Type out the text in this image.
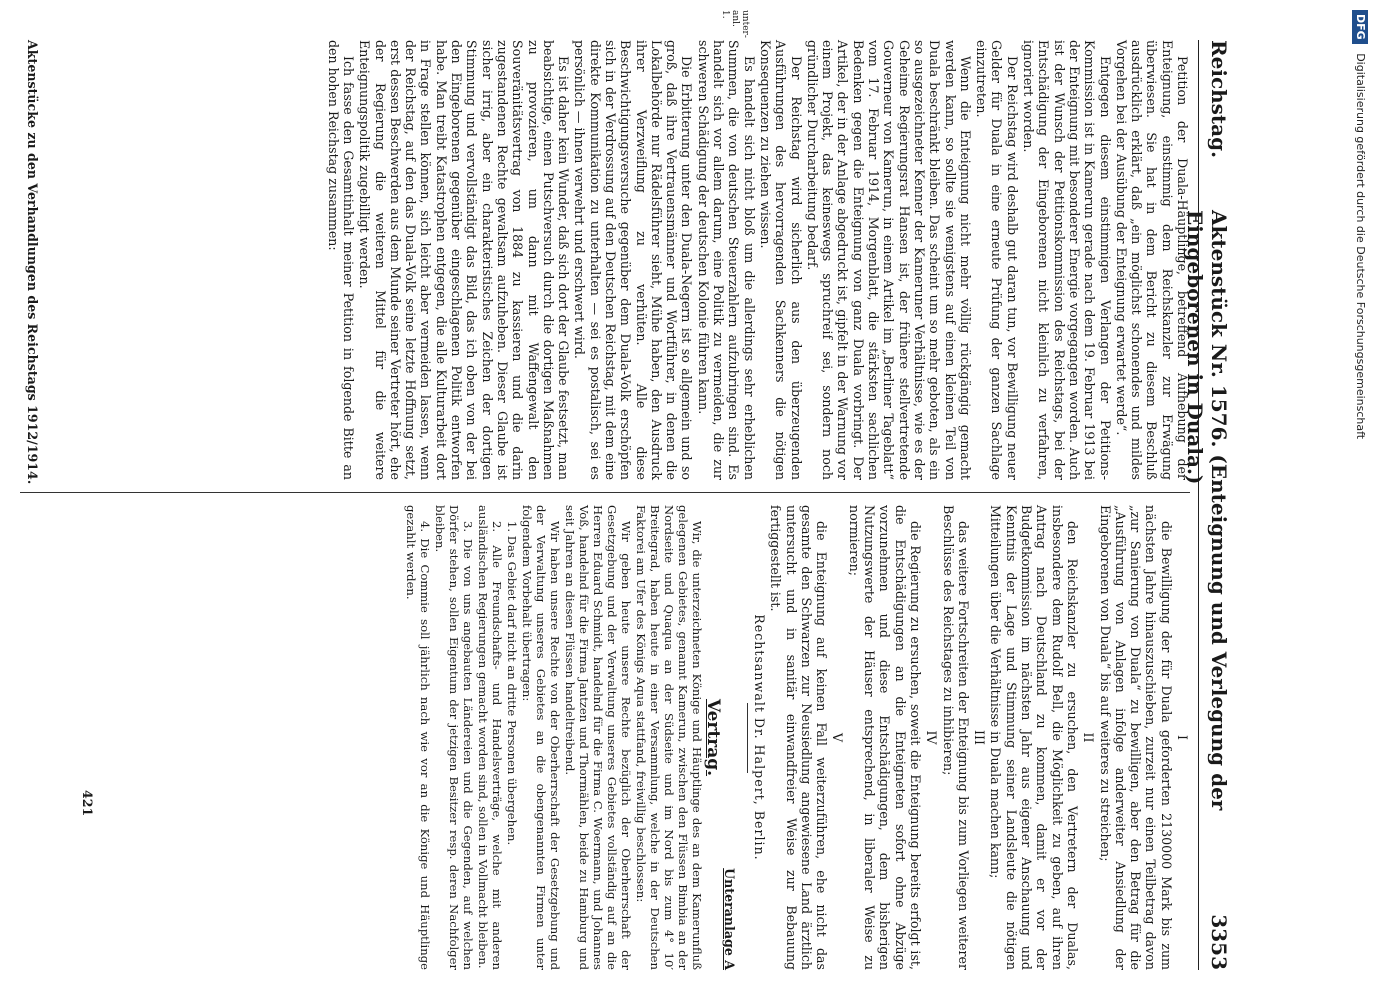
Reichstag.
Aktenstück Nr. 1576. (Enteignung und Verlegung der Eingeborenen in Duala.)
3353

Petition der Duala-Häuptlinge, betreffend Aufhebung der Enteignung, einstimmig dem Reichskanzler zur Erwägung überwiesen. Sie hat in dem Bericht zu diesem Beschluß ausdrücklich erklärt, daß „ein möglichst schonendes und mildes Vorgehen bei der Ausübung der Enteignung erwartet werde“.

Entgegen diesem einstimmigen Verlangen der Petitions-Kommission ist in Kamerun gerade nach dem 19. Februar 1913 bei der Enteignung mit besonderer Energie vorgegangen worden. Auch ist der Wunsch der Petitionskommission des Reichstags, bei der Entschädigung der Eingeborenen nicht kleinlich zu verfahren, ignoriert worden.

Der Reichstag wird deshalb gut daran tun, vor Bewilligung neuer Gelder für Duala in eine erneute Prüfung der ganzen Sachlage einzutreten.

Wenn die Enteignung nicht mehr völlig rückgängig gemacht werden kann, so sollte sie wenigstens auf einen kleinen Teil von Duala beschränkt bleiben. Das scheint um so mehr geboten, als ein so ausgezeichneter Kenner der Kameruner Verhältnisse, wie es der Geheime Regierungsrat Hansen ist, der frühere stellvertretende Gouverneur von Kamerun, in einem Artikel im „Berliner Tageblatt“ vom 17. Februar 1914, Morgenblatt, die stärksten sachlichen Bedenken gegen die Enteignung von ganz Duala vorbringt. Der Artikel, der in der Anlage abgedruckt ist, gipfelt in der Warnung vor einem Projekt, das keineswegs spruchreif sei, sondern noch gründlicher Durcharbeitung bedarf.

Der Reichstag wird sicherlich aus den überzeugenden Ausführungen des hervorragenden Sachkenners die nötigen Konsequenzen zu ziehen wissen.

Es handelt sich nicht bloß um die allerdings sehr erheblichen Summen, die von deutschen Steuerzahlern aufzubringen sind. Es handelt sich vor allem darum, eine Politik zu vermeiden, die zur schweren Schädigung der deutschen Kolonie führen kann.

Die Erbitterung unter den Duala-Negern ist so allgemein und so groß, daß ihre Vertrauensmänner und Wortführer, in denen die Lokalbehörde nur Rädelsführer sieht, Mühe haben, den Ausdruck ihrer Verzweiflung zu verhüten. Alle diese Beschwichtigungsversuche gegenüber dem Duala-Volk erschöpfen sich in der Verdrossung auf den Deutschen Reichstag, mit dem eine direkte Kommunikation zu unterhalten — sei es postalisch, sei es persönlich — ihnen verwehrt und erschwert wird.

Es ist daher kein Wunder, daß sich dort der Glaube festsetzt, man beabsichtige, einen Putschversuch durch die dortigen Maßnahmen zu provozieren, um dann mit Waffengewalt den Souveränitätsvertrag von 1884 zu kassieren und die darin zugestandenen Rechte gewaltsam aufzuheben. Dieser Glaube ist sicher irrig, aber ein charakteristisches Zeichen der dortigen Stimmung und vervollständigt das Bild, das ich oben von der bei den Eingeborenen gegenüber eingeschlagenen Politik entworfen habe. Man treibt Katastrophen entgegen, die alle Kulturarbeit dort in Frage stellen können, sich leicht aber vermeiden lassen, wenn der Reichstag, auf den das Duala-Volk seine letzte Hoffnung setzt, erst dessen Beschwerden aus dem Munde seiner Vertreter hört, ehe der Regierung die weiteren Mittel für die weitere Enteignungspolitik zugebilligt werden.

Ich fasse den Gesamtinhalt meiner Petition in folgende Bitte an den hohen Reichstag zusammen:

unter-anl. 1.

I

die Bewilligung der für Duala geforderten 2130000 Mark bis zum nächsten Jahre hinauszuschieben, zurzeit nur einen Teilbetrag davon „zur Sanierung von Duala“ zu bewilligen, aber den Betrag für die „Ausführung von Anlagen infolge anderweiter Ansiedlung der Eingeborenen von Duala“ bis auf weiteres zu streichen;

II

den Reichskanzler zu ersuchen, den Vertretern der Dualas, insbesondere dem Rudolf Bell, die Möglichkeit zu geben, auf ihren Antrag nach Deutschland zu kommen, damit er vor der Budgetkommission im nächsten Jahr aus eigener Anschauung und Kenntnis der Lage und Stimmung seiner Landsleute die nötigen Mitteilungen über die Verhältnisse in Duala machen kann;

III

das weitere Fortschreiten der Enteignung bis zum Vorliegen weiterer Beschlüsse des Reichstages zu inhibieren;

IV

die Regierung zu ersuchen, soweit die Enteignung bereits erfolgt ist, die Entschädigungen an die Enteigneten sofort ohne Abzüge vorzunehmen und diese Entschädigungen, dem bisherigen Nutzungswerte der Häuser entsprechend, in liberaler Weise zu normieren;

V

die Enteignung auf keinen Fall weiterzuführen, ehe nicht das gesamte den Schwarzen zur Neusiedlung angewiesene Land ärztlich untersucht und in sanitär einwandfreier Weise zur Bebauung fertiggestellt ist.

Rechtsanwalt Dr. Halpert, Berlin.

Unteranlage A

Vertrag.

Wir, die unterzeichneten Könige und Häuptlinge des an dem Kamerunfluß gelegenen Gebietes, genannt Kamerun, zwischen den Flüssen Bimbia an der Nordseite und Quaqua an der Südseite und im Nord bis zum 4° 10′ Breitegrad, haben heute in einer Versammlung, welche in der Deutschen Faktorei am Ufer des Königs Aqua stattfand, freiwillig beschlossen:

Wir geben heute unsere Rechte bezüglich der Oberherrschaft der Gesetzgebung und der Verwaltung unseres Gebietes vollständig auf an die Herren Eduard Schmidt, handelnd für die Firma C. Woermann, und Johannes Voß, handelnd für die Firma Jantzen und Thormählen, beide zu Hamburg und seit Jahren an diesen Flüssen handeltreibend.

Wir haben unsere Rechte von der Oberherrschaft der Gesetzgebung und der Verwaltung unseres Gebietes an die obengenannten Firmen unter folgendem Vorbehalt übertragen:

1. Das Gebiet darf nicht an dritte Personen übergehen.

2. Alle Freundschafts- und Handelsverträge, welche mit anderen ausländischen Regierungen gemacht worden sind, sollen in Vollmacht bleiben.

3. Die von uns angebauten Ländereien und die Gegenden, auf welchen Dörfer stehen, sollen Eigentum der jetzigen Besitzer resp. deren Nachfolger bleiben.

4. Die Commie soll jährlich nach wie vor an die Könige und Häuptlinge gezahlt werden.

Aktenstücke zu den Verhandlungen des Reichstags 1912/1914.
421
DFG Digitalisierung gefördert durch die Deutsche Forschungsgemeinschaft
